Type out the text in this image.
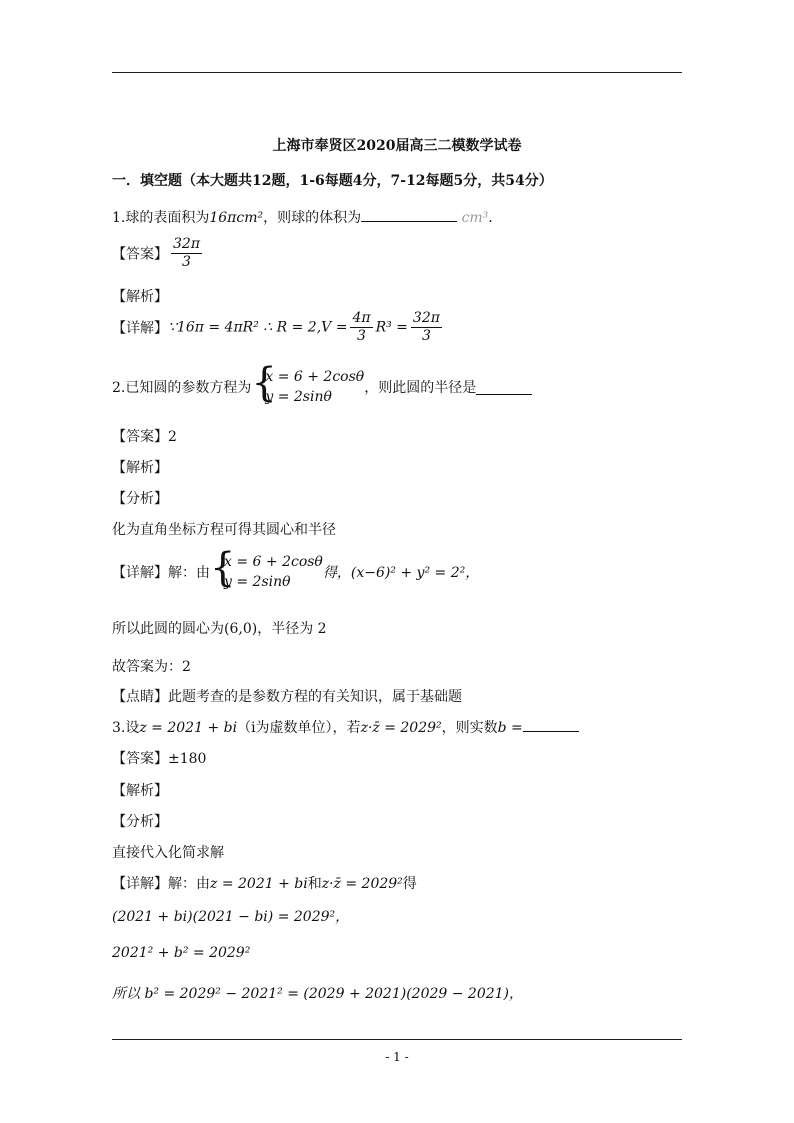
上海市奉贤区2020届高三二模数学试卷
一．填空题（本大题共12题，1-6每题4分，7-12每题5分，共54分）
1.球的表面积为16πcm²，则球的体积为	cm³.
【答案】 $\frac{32\pi}{3}$
【解析】
【详解】∵16π = 4πR² ∴ $R = 2,V = \frac{4\pi}{3} R^3 = \frac{32\pi}{3}$
2.已知圆的参数方程为 {
x = 6 + 2cosθ
y = 2sinθ
，则此圆的半径是
【答案】2
【解析】
【分析】
化为直角坐标方程可得其圆心和半径
【详解】解：由 {
x = 6 + 2cosθ
y = 2sinθ
得，(x−6)² + y² = 2²，
所以此圆的圆心为(6,0)，半径为 2
故答案为：2
【点睛】此题考查的是参数方程的有关知识，属于基础题
3.设z = 2021 + bi（i为虚数单位），若z·z̄ = 2029²，则实数b =
【答案】±180
【解析】
【分析】
直接代入化简求解
【详解】解：由z = 2021 + bi和z·z̄ = 2029²得
(2021 + bi)(2021 − bi) = 2029²，
2021² + b² = 2029²
所以 b² = 2029² − 2021² = (2029 + 2021)(2029 − 2021)，
- 1 -
